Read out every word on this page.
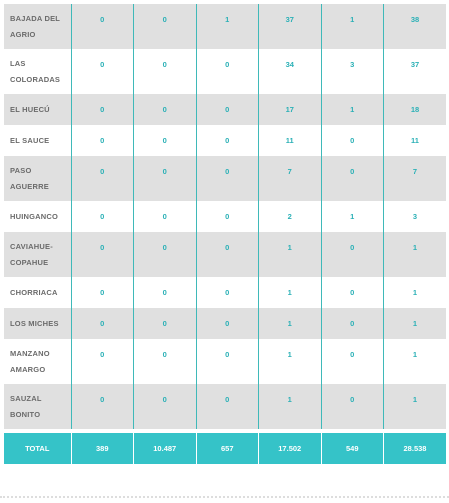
BAJADA DEL
AGRIO	0	0	1	37	1	38

LAS
COLORADAS	0	0	0	34	3	37

EL HUECÚ	0	0	0	17	1	18

EL SAUCE	0	0	0	11	0	11

PASO
AGUERRE	0	0	0	7	0	7

HUINGANCO	0	0	0	2	1	3

CAVIAHUE-
COPAHUE	0	0	0	1	0	1

CHORRIACA	0	0	0	1	0	1

LOS MICHES	0	0	0	1	0	1

MANZANO
AMARGO	0	0	0	1	0	1

SAUZAL
BONITO	0	0	0	1	0	1

TOTAL	389	10.487	657	17.502	549	28.538
